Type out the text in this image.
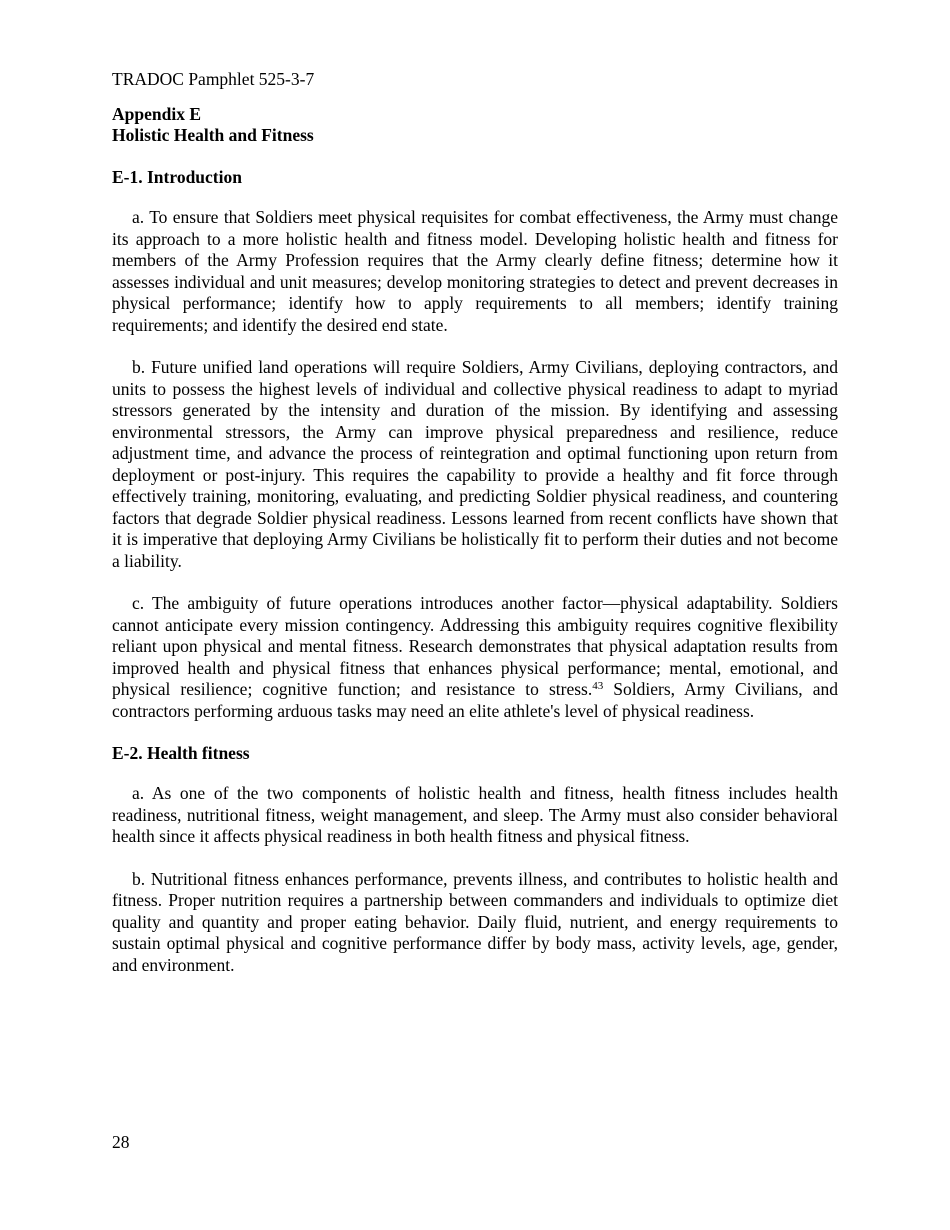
TRADOC Pamphlet 525-3-7
Appendix E
Holistic Health and Fitness
E-1. Introduction

a. To ensure that Soldiers meet physical requisites for combat effectiveness, the Army must change its approach to a more holistic health and fitness model. Developing holistic health and fitness for members of the Army Profession requires that the Army clearly define fitness; determine how it assesses individual and unit measures; develop monitoring strategies to detect and prevent decreases in physical performance; identify how to apply requirements to all members; identify training requirements; and identify the desired end state.

b. Future unified land operations will require Soldiers, Army Civilians, deploying contractors, and units to possess the highest levels of individual and collective physical readiness to adapt to myriad stressors generated by the intensity and duration of the mission. By identifying and assessing environmental stressors, the Army can improve physical preparedness and resilience, reduce adjustment time, and advance the process of reintegration and optimal functioning upon return from deployment or post-injury. This requires the capability to provide a healthy and fit force through effectively training, monitoring, evaluating, and predicting Soldier physical readiness, and countering factors that degrade Soldier physical readiness. Lessons learned from recent conflicts have shown that it is imperative that deploying Army Civilians be holistically fit to perform their duties and not become a liability.

c. The ambiguity of future operations introduces another factor—physical adaptability. Soldiers cannot anticipate every mission contingency. Addressing this ambiguity requires cognitive flexibility reliant upon physical and mental fitness. Research demonstrates that physical adaptation results from improved health and physical fitness that enhances physical performance; mental, emotional, and physical resilience; cognitive function; and resistance to stress.$^{43}$ Soldiers, Army Civilians, and contractors performing arduous tasks may need an elite athlete's level of physical readiness.

E-2. Health fitness

a. As one of the two components of holistic health and fitness, health fitness includes health readiness, nutritional fitness, weight management, and sleep. The Army must also consider behavioral health since it affects physical readiness in both health fitness and physical fitness.

b. Nutritional fitness enhances performance, prevents illness, and contributes to holistic health and fitness. Proper nutrition requires a partnership between commanders and individuals to optimize diet quality and quantity and proper eating behavior. Daily fluid, nutrient, and energy requirements to sustain optimal physical and cognitive performance differ by body mass, activity levels, age, gender, and environment.

28
